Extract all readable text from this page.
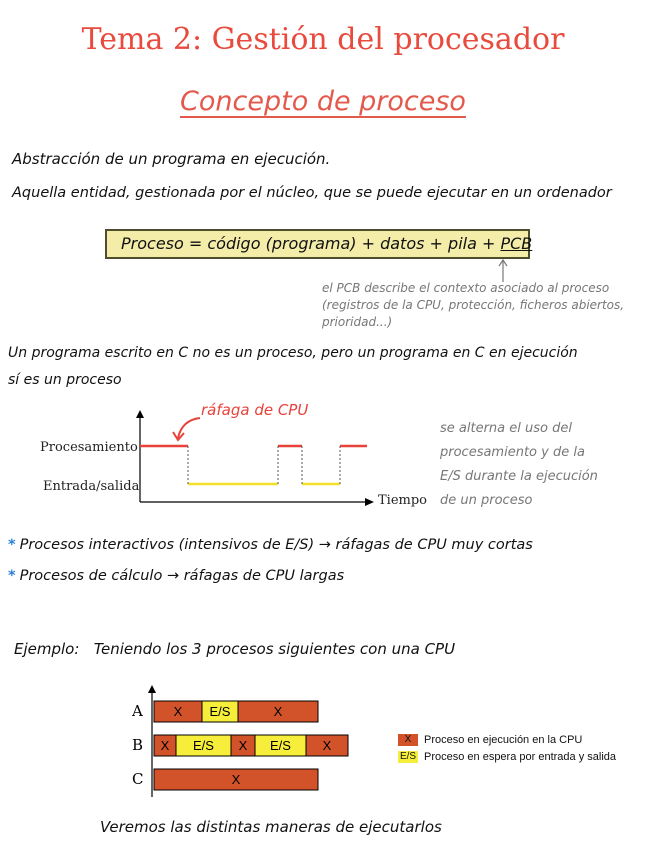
Tema 2: Gestión del procesador
Concepto de proceso
Abstracción de un programa en ejecución.
Aquella entidad, gestionada por el núcleo, que se puede ejecutar en un ordenador
Proceso = código (programa) + datos + pila + PCB
el PCB describe el contexto asociado al proceso
(registros de la CPU, protección, ficheros abiertos,
prioridad...)
Un programa escrito en C no es un proceso, pero un programa en C en ejecución
sí es un proceso
ráfaga de CPU
Procesamiento
Entrada/salida
Tiempo
se alterna el uso del
procesamiento y de la
E/S durante la ejecución
de un proceso
* Procesos interactivos (intensivos de E/S) → ráfagas de CPU muy cortas
* Procesos de cálculo → ráfagas de CPU largas
Ejemplo: Teniendo los 3 procesos siguientes con una CPU
A X E/S	X
B X E/S X E/S X
C	X
X Proceso en ejecución en la CPU
E/S Proceso en espera por entrada y salida
Veremos las distintas maneras de ejecutarlos
